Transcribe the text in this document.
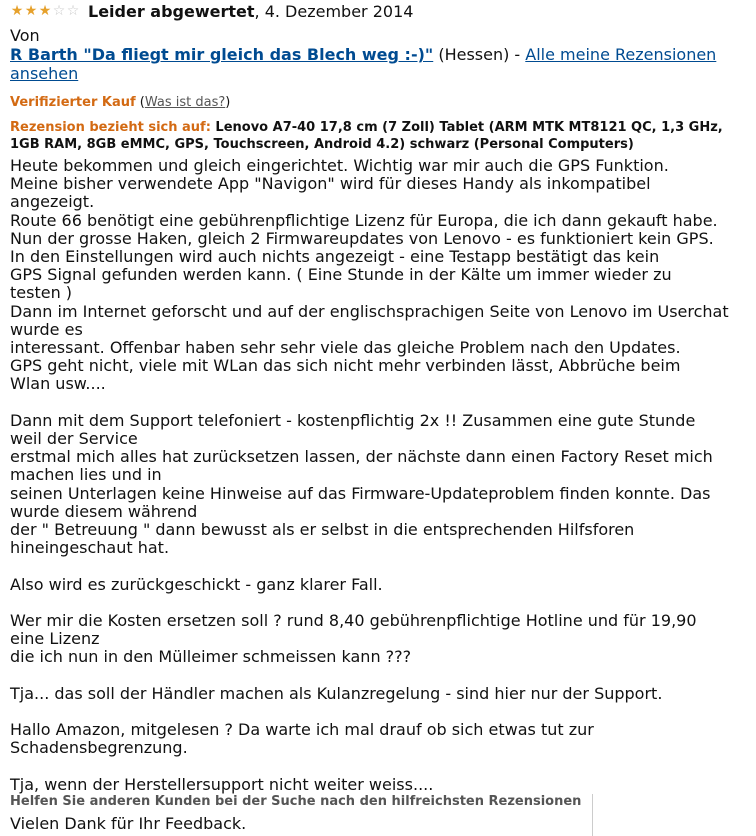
★ ★ ★ ☆ ☆ Leider abgewertet , 4. Dezember 2014
Von
R Barth "Da fliegt mir gleich das Blech weg :-)" (Hessen) - Alle meine Rezensionen ansehen
Verifizierter Kauf (Was ist das?)
Rezension bezieht sich auf: Lenovo A7-40 17,8 cm (7 Zoll) Tablet (ARM MTK MT8121 QC, 1,3 GHz, 1GB RAM, 8GB eMMC, GPS, Touchscreen, Android 4.2) schwarz (Personal Computers)
Heute bekommen und gleich eingerichtet. Wichtig war mir auch die GPS Funktion.
Meine bisher verwendete App "Navigon" wird für dieses Handy als inkompatibel
angezeigt.
Route 66 benötigt eine gebührenpflichtige Lizenz für Europa, die ich dann gekauft habe.
Nun der grosse Haken, gleich 2 Firmwareupdates von Lenovo - es funktioniert kein GPS.
In den Einstellungen wird auch nichts angezeigt - eine Testapp bestätigt das kein
GPS Signal gefunden werden kann. ( Eine Stunde in der Kälte um immer wieder zu
testen )
Dann im Internet geforscht und auf der englischsprachigen Seite von Lenovo im Userchat
wurde es
interessant. Offenbar haben sehr sehr viele das gleiche Problem nach den Updates.
GPS geht nicht, viele mit WLan das sich nicht mehr verbinden lässt, Abbrüche beim
Wlan usw....
Dann mit dem Support telefoniert - kostenpflichtig 2x !! Zusammen eine gute Stunde
weil der Service
erstmal mich alles hat zurücksetzen lassen, der nächste dann einen Factory Reset mich
machen lies und in
seinen Unterlagen keine Hinweise auf das Firmware-Updateproblem finden konnte. Das
wurde diesem während
der " Betreuung " dann bewusst als er selbst in die entsprechenden Hilfsforen
hineingeschaut hat.
Also wird es zurückgeschickt - ganz klarer Fall.
Wer mir die Kosten ersetzen soll ? rund 8,40 gebührenpflichtige Hotline und für 19,90
eine Lizenz
die ich nun in den Mülleimer schmeissen kann ???
Tja... das soll der Händler machen als Kulanzregelung - sind hier nur der Support.
Hallo Amazon, mitgelesen ? Da warte ich mal drauf ob sich etwas tut zur
Schadensbegrenzung.
Tja, wenn der Herstellersupport nicht weiter weiss....
Helfen Sie anderen Kunden bei der Suche nach den hilfreichsten Rezensionen
Vielen Dank für Ihr Feedback.
